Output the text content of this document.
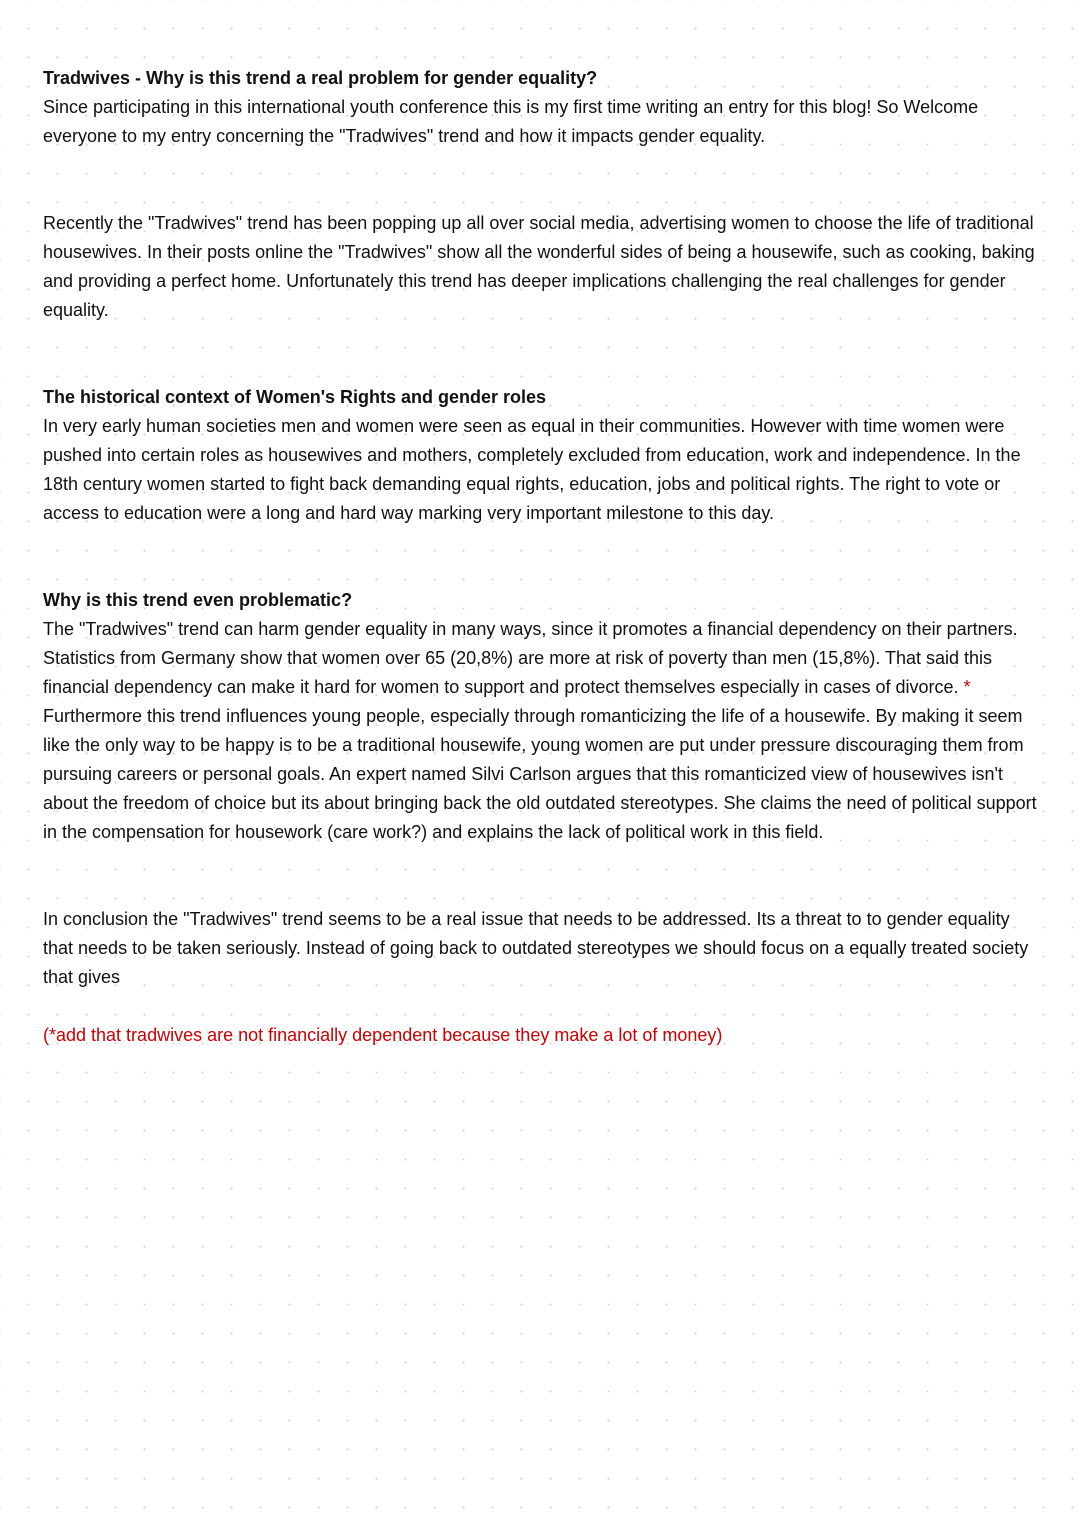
Tradwives - Why is this trend a real problem for gender equality?
Since participating in this international youth conference this is my first time writing an entry for this blog! So Welcome everyone to my entry concerning the "Tradwives" trend and how it impacts gender equality.
Recently the "Tradwives" trend has been popping up all over social media, advertising women to choose the life of traditional housewives. In their posts online the "Tradwives" show all the wonderful sides of being a housewife, such as cooking, baking and providing a perfect home. Unfortunately this trend has deeper implications challenging the real challenges for gender equality.
The historical context of Women's Rights and gender roles
In very early human societies men and women were seen as equal in their communities. However with time women were pushed into certain roles as housewives and mothers, completely excluded from education, work and independence. In the 18th century women started to fight back demanding equal rights, education, jobs and political rights. The right to vote or access to education were a long and hard way marking very important milestone to this day.
Why is this trend even problematic?
The "Tradwives" trend can harm gender equality in many ways, since it promotes a financial dependency on their partners. Statistics from Germany show that women over 65 (20,8%) are more at risk of poverty than men (15,8%). That said this financial dependency can make it hard for women to support and protect themselves especially in cases of divorce. *
Furthermore this trend influences young people, especially through romanticizing the life of a housewife. By making it seem like the only way to be happy is to be a traditional housewife, young women are put under pressure discouraging them from pursuing careers or personal goals. An expert named Silvi Carlson argues that this romanticized view of housewives isn't about the freedom of choice but its about bringing back the old outdated stereotypes. She claims the need of political support in the compensation for housework (care work?) and explains the lack of political work in this field.
In conclusion the "Tradwives" trend seems to be a real issue that needs to be addressed. Its a threat to to gender equality that needs to be taken seriously. Instead of going back to outdated stereotypes we should focus on a equally treated society that gives
(*add that tradwives are not financially dependent because they make a lot of money)
